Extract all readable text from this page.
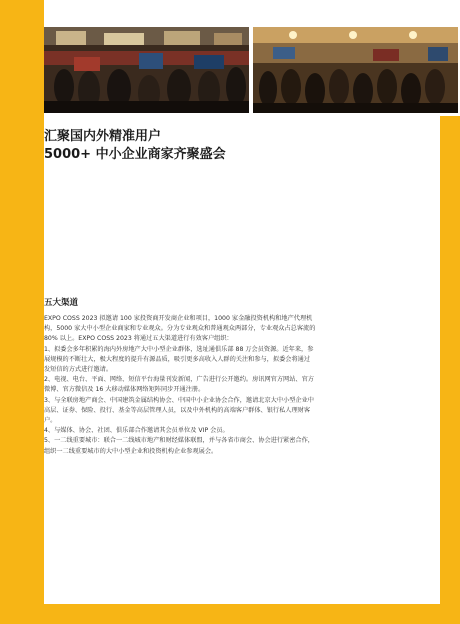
汇聚国内外精准用户
5000+ 中小企业商家齐聚盛会
五大渠道

EXPO COSS 2023 拟邀请 100 家投资商开发商企业和项目，1000 家金融投资机构和地产代理机构，5000 家大中小型企业商家和专业观众。分为专业观众和普通观众两部分，专业观众占总客流的 80% 以上。EXPO COSS 2023 将通过五大渠道进行有效客户组织：

1、拟委会多年积累的海内外房地产大中小型企业群体，选址通俱乐部 88 万会员资源。近年来，参展规模的不断壮大，极大程度的提升有源品质，吸引更多高收入人群的关注和参与，拟委会将通过发短信的方式进行邀请。

2、电视、电台、平面、网络、短信平台海量刊发新闻，广告进行公开邀约。房讯网官方网站、官方微博、官方微信及 16 大移动媒体网络矩阵同步开通注册。

3、与全联房地产商会、中国建筑金属结构协会、中国中小企业协会合作，邀请北京大中小型企业中高层、证券、保险、投行、基金等高层管理人员，以及中外机构的高端客户群体、银行私人理财客户。

4、与媒体、协会、社团、俱乐部合作邀请其会员单位及 VIP 会员。

5、一二线重要城市：联合一二线城市地产和财经媒体联盟，并与各省市商会、协会进行紧密合作，组织一二线重要城市的大中小型企业和投资机构企业参观展会。
